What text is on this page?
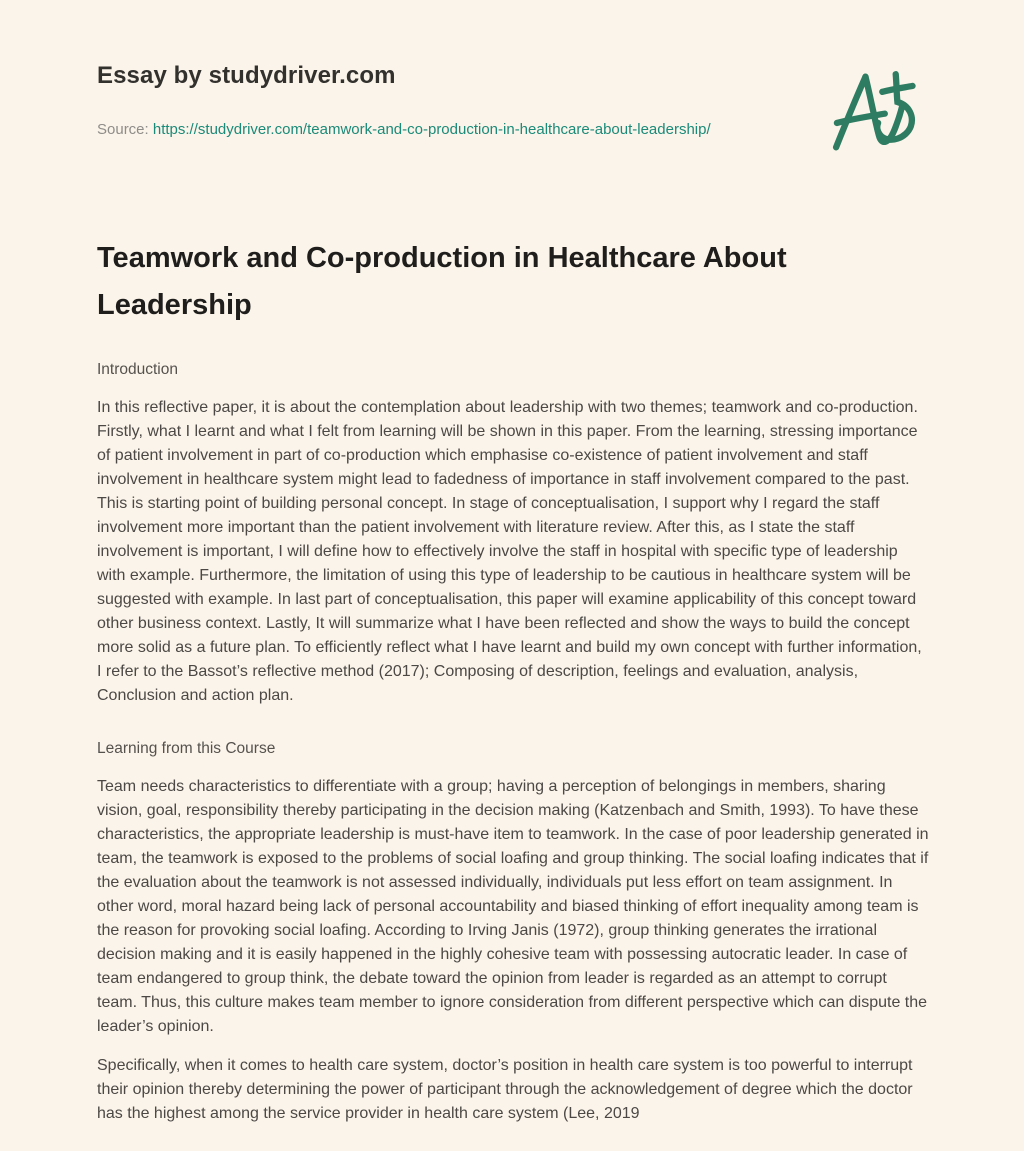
Essay by studydriver.com
Source: https://studydriver.com/teamwork-and-co-production-in-healthcare-about-leadership/
Teamwork and Co-production in Healthcare About Leadership
Introduction

In this reflective paper, it is about the contemplation about leadership with two themes; teamwork and co-production. Firstly, what I learnt and what I felt from learning will be shown in this paper. From the learning, stressing importance of patient involvement in part of co-production which emphasise co-existence of patient involvement and staff involvement in healthcare system might lead to fadedness of importance in staff involvement compared to the past. This is starting point of building personal concept. In stage of conceptualisation, I support why I regard the staff involvement more important than the patient involvement with literature review. After this, as I state the staff involvement is important, I will define how to effectively involve the staff in hospital with specific type of leadership with example. Furthermore, the limitation of using this type of leadership to be cautious in healthcare system will be suggested with example. In last part of conceptualisation, this paper will examine applicability of this concept toward other business context. Lastly, It will summarize what I have been reflected and show the ways to build the concept more solid as a future plan. To efficiently reflect what I have learnt and build my own concept with further information, I refer to the Bassot’s reflective method (2017); Composing of description, feelings and evaluation, analysis, Conclusion and action plan.

Learning from this Course

Team needs characteristics to differentiate with a group; having a perception of belongings in members, sharing vision, goal, responsibility thereby participating in the decision making (Katzenbach and Smith, 1993). To have these characteristics, the appropriate leadership is must-have item to teamwork. In the case of poor leadership generated in team, the teamwork is exposed to the problems of social loafing and group thinking. The social loafing indicates that if the evaluation about the teamwork is not assessed individually, individuals put less effort on team assignment. In other word, moral hazard being lack of personal accountability and biased thinking of effort inequality among team is the reason for provoking social loafing. According to Irving Janis (1972), group thinking generates the irrational decision making and it is easily happened in the highly cohesive team with possessing autocratic leader. In case of team endangered to group think, the debate toward the opinion from leader is regarded as an attempt to corrupt team. Thus, this culture makes team member to ignore consideration from different perspective which can dispute the leader’s opinion.

Specifically, when it comes to health care system, doctor’s position in health care system is too powerful to interrupt their opinion thereby determining the power of participant through the acknowledgement of degree which the doctor has the highest among the service provider in health care system (Lee, 2019
